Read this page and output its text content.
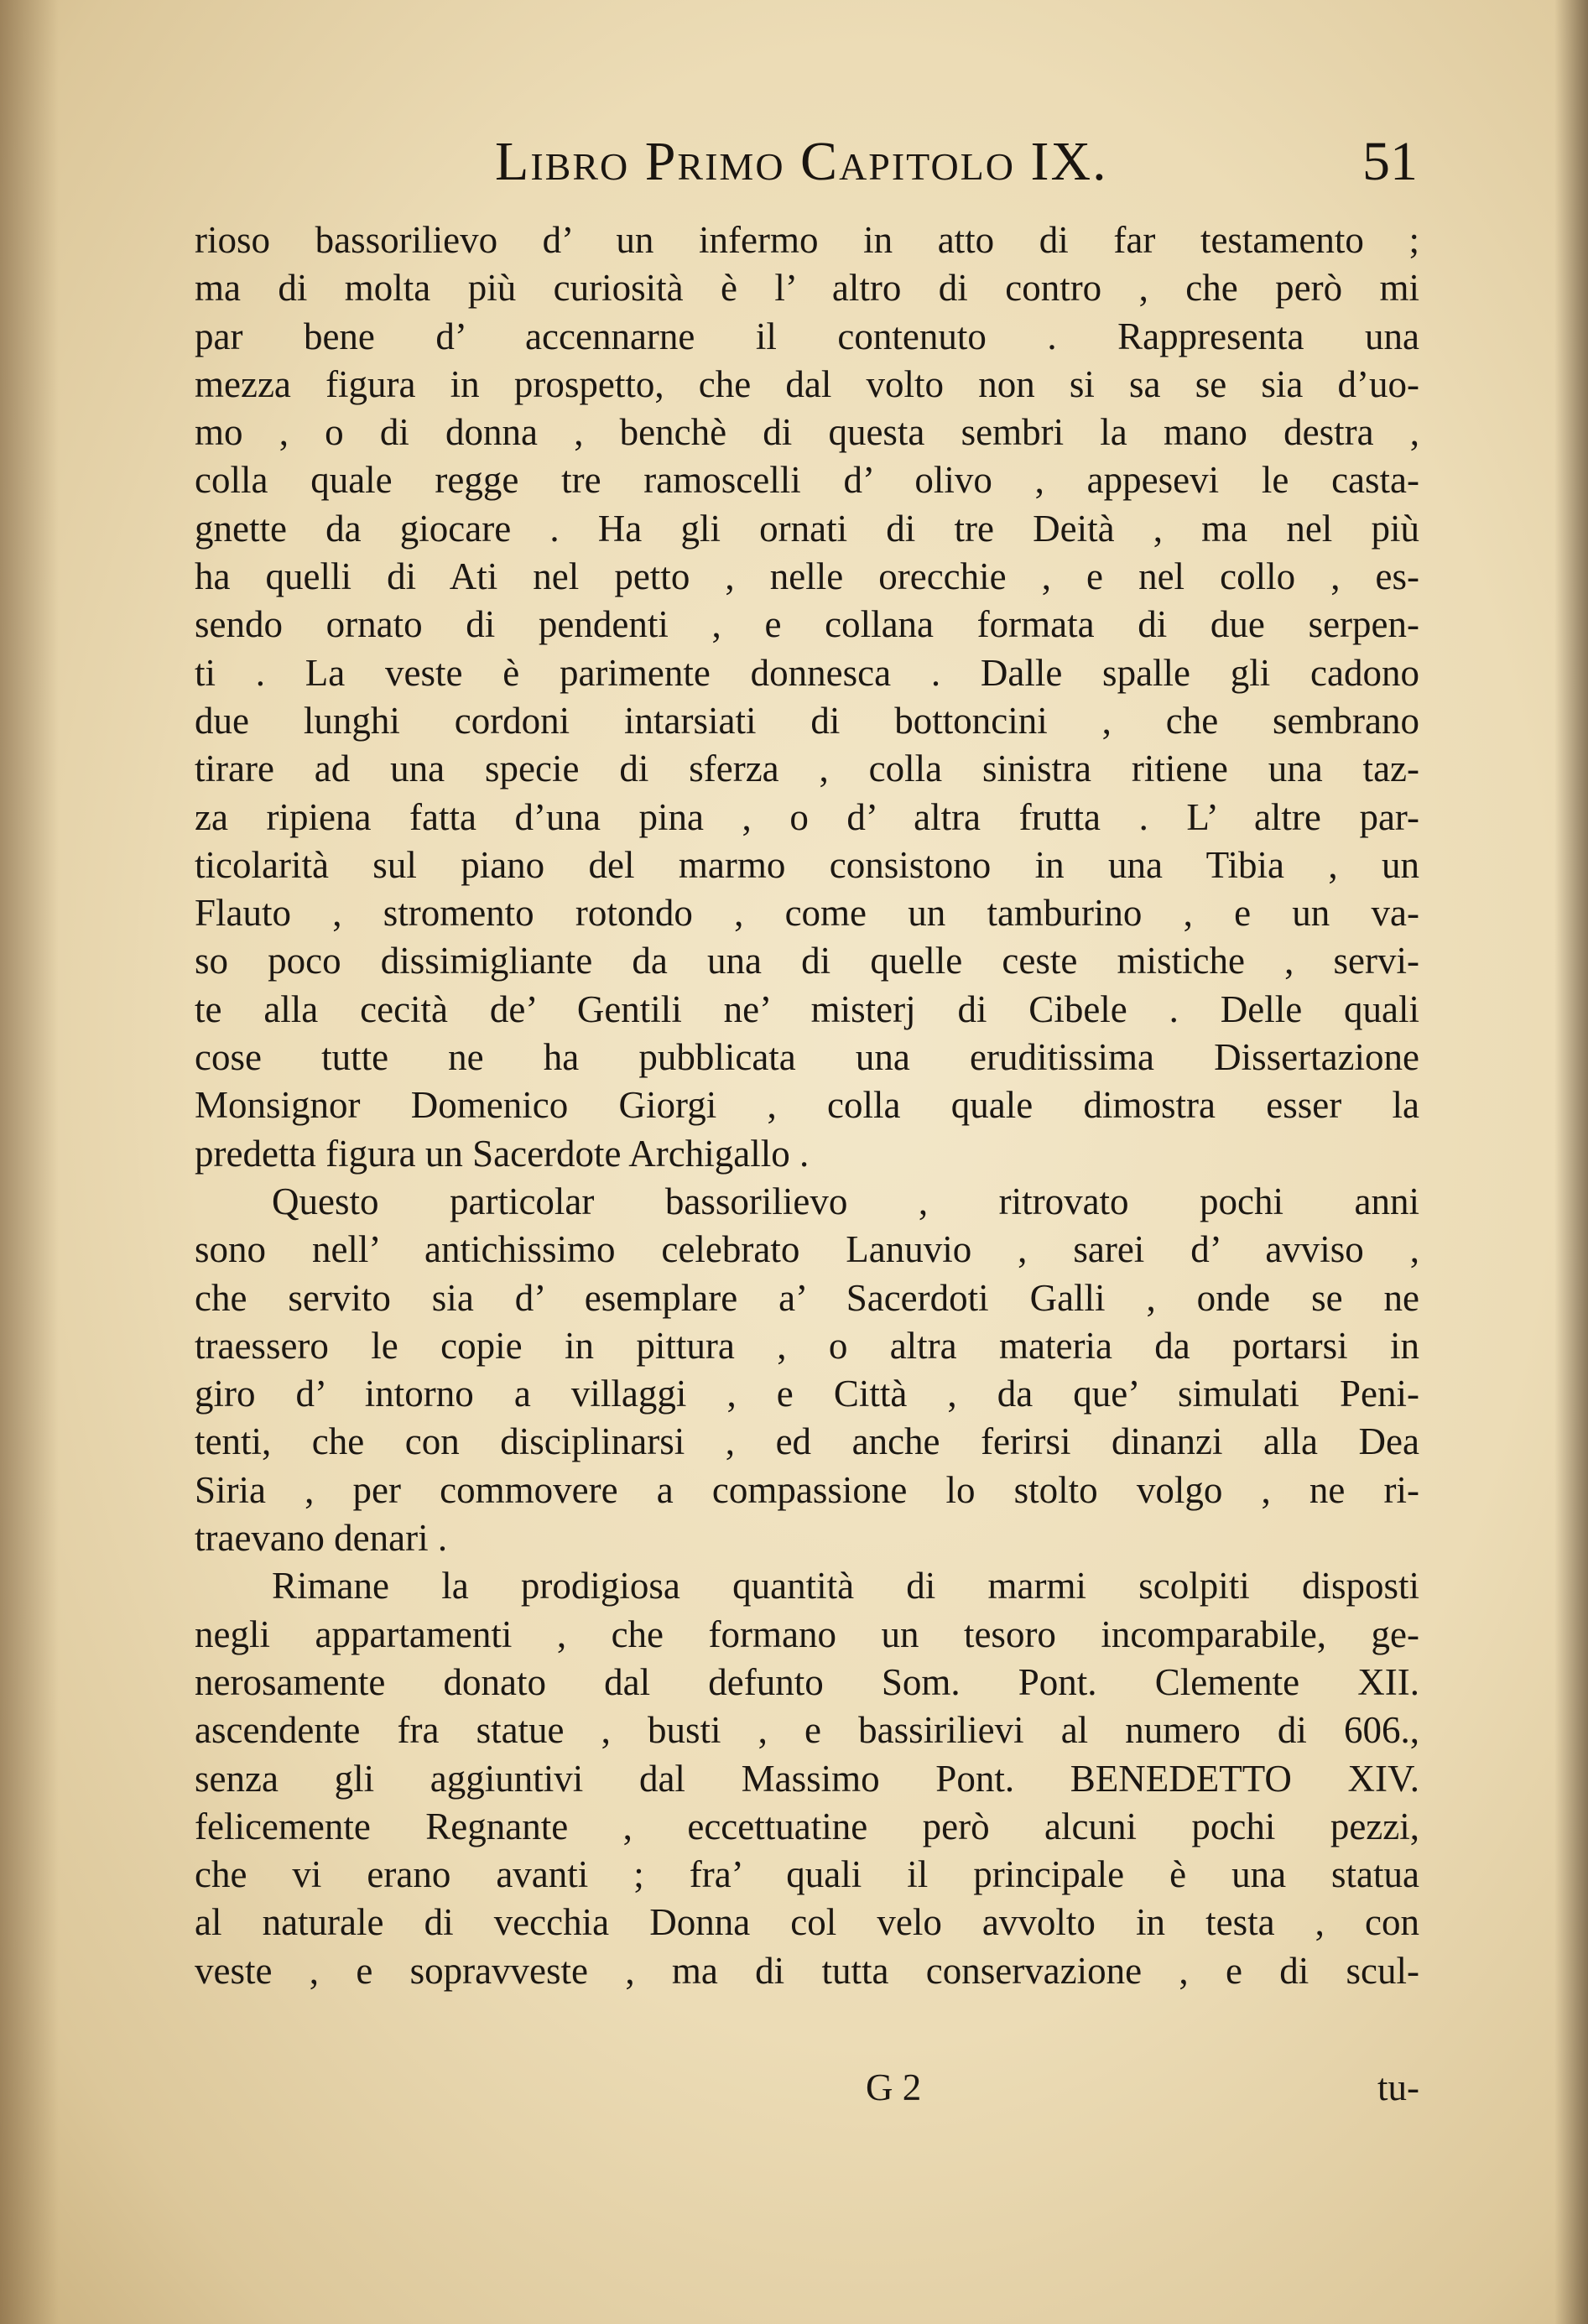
Libro Primo Capitolo IX.	51
rioso bassorilievo d’ un infermo in atto di far testamento ;
ma di molta più curiosità è l’ altro di contro , che però mi
par bene d’ accennarne il contenuto . Rappresenta una
mezza figura in prospetto, che dal volto non si sa se sia d’uo-
mo , o di donna , benchè di questa sembri la mano destra ,
colla quale regge tre ramoscelli d’ olivo , appesevi le casta-
gnette da giocare . Ha gli ornati di tre Deità , ma nel più
ha quelli di Ati nel petto , nelle orecchie , e nel collo , es-
sendo ornato di pendenti , e collana formata di due serpen-
ti . La veste è parimente donnesca . Dalle spalle gli cadono
due lunghi cordoni intarsiati di bottoncini , che sembrano
tirare ad una specie di sferza , colla sinistra ritiene una taz-
za ripiena fatta d’una pina , o d’ altra frutta . L’ altre par-
ticolarità sul piano del marmo consistono in una Tibia , un
Flauto , stromento rotondo , come un tamburino , e un va-
so poco dissimigliante da una di quelle ceste mistiche , servi-
te alla cecità de’ Gentili ne’ misterj di Cibele . Delle quali
cose tutte ne ha pubblicata una eruditissima Dissertazione
Monsignor Domenico Giorgi , colla quale dimostra esser la
predetta figura un Sacerdote Archigallo .
Questo particolar bassorilievo , ritrovato pochi anni
sono nell’ antichissimo celebrato Lanuvio , sarei d’ avviso ,
che servito sia d’ esemplare a’ Sacerdoti Galli , onde se ne
traessero le copie in pittura , o altra materia da portarsi in
giro d’ intorno a villaggi , e Città , da que’ simulati Peni-
tenti, che con disciplinarsi , ed anche ferirsi dinanzi alla Dea
Siria , per commovere a compassione lo stolto volgo , ne ri-
traevano denari .
Rimane la prodigiosa quantità di marmi scolpiti disposti
negli appartamenti , che formano un tesoro incomparabile, ge-
nerosamente donato dal defunto Som. Pont. Clemente XII.
ascendente fra statue , busti , e bassirilievi al numero di 606.,
senza gli aggiuntivi dal Massimo Pont. BENEDETTO XIV.
felicemente Regnante , eccettuatine però alcuni pochi pezzi,
che vi erano avanti ; fra’ quali il principale è una statua
al naturale di vecchia Donna col velo avvolto in testa , con
veste , e sopravveste , ma di tutta conservazione , e di scul-
G 2	tu-
